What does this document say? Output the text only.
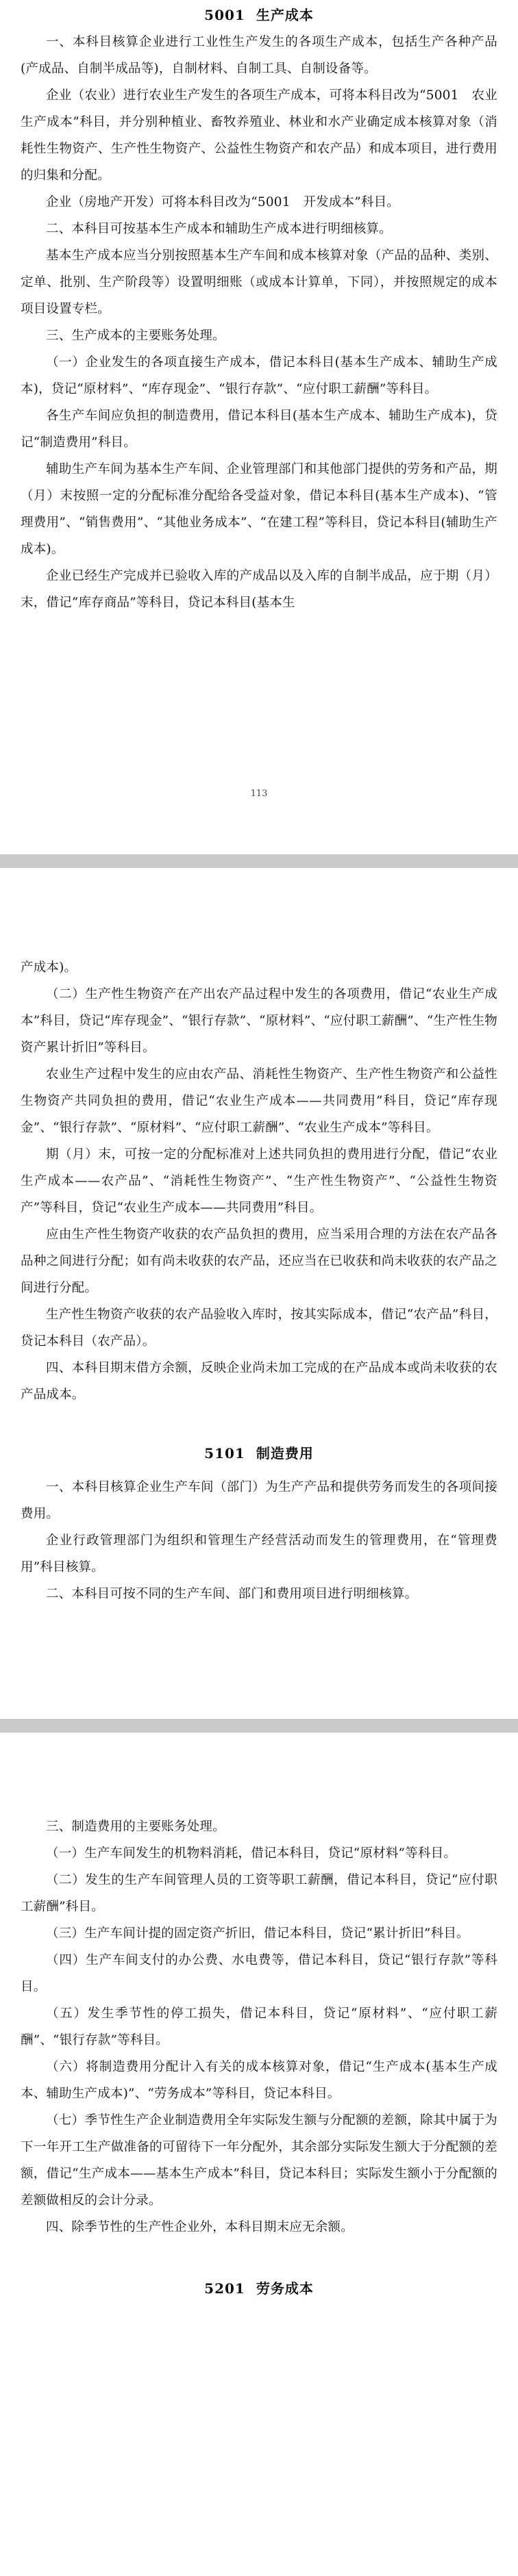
5001 生产成本

一、本科目核算企业进行工业性生产发生的各项生产成本，包括生产各种产品(产成品、自制半成品等)，自制材料、自制工具、自制设备等。

企业（农业）进行农业生产发生的各项生产成本，可将本科目改为“5001　农业生产成本”科目，并分别种植业、畜牧养殖业、林业和水产业确定成本核算对象（消耗性生物资产、生产性生物资产、公益性生物资产和农产品）和成本项目，进行费用的归集和分配。

企业（房地产开发）可将本科目改为“5001　开发成本”科目。

二、本科目可按基本生产成本和辅助生产成本进行明细核算。

基本生产成本应当分别按照基本生产车间和成本核算对象（产品的品种、类别、定单、批别、生产阶段等）设置明细账（或成本计算单，下同），并按照规定的成本项目设置专栏。

三、生产成本的主要账务处理。

（一）企业发生的各项直接生产成本，借记本科目(基本生产成本、辅助生产成本)，贷记“原材料”、“库存现金”、“银行存款”、“应付职工薪酬”等科目。

各生产车间应负担的制造费用，借记本科目(基本生产成本、辅助生产成本)，贷记“制造费用”科目。

辅助生产车间为基本生产车间、企业管理部门和其他部门提供的劳务和产品，期（月）末按照一定的分配标准分配给各受益对象，借记本科目(基本生产成本)、“管理费用”、“销售费用”、“其他业务成本”、“在建工程”等科目，贷记本科目(辅助生产成本)。

企业已经生产完成并已验收入库的产成品以及入库的自制半成品，应于期（月）末，借记“库存商品”等科目，贷记本科目(基本生

113

产成本)。

（二）生产性生物资产在产出农产品过程中发生的各项费用，借记“农业生产成本”科目，贷记“库存现金”、“银行存款”、“原材料”、“应付职工薪酬”、“生产性生物资产累计折旧”等科目。

农业生产过程中发生的应由农产品、消耗性生物资产、生产性生物资产和公益性生物资产共同负担的费用，借记“农业生产成本——共同费用”科目，贷记“库存现金”、“银行存款”、“原材料”、“应付职工薪酬”、“农业生产成本”等科目。

期（月）末，可按一定的分配标准对上述共同负担的费用进行分配，借记“农业生产成本——农产品”、“消耗性生物资产”、“生产性生物资产”、“公益性生物资产”等科目，贷记“农业生产成本——共同费用”科目。

应由生产性生物资产收获的农产品负担的费用，应当采用合理的方法在农产品各品种之间进行分配；如有尚未收获的农产品，还应当在已收获和尚未收获的农产品之间进行分配。

生产性生物资产收获的农产品验收入库时，按其实际成本，借记“农产品”科目，贷记本科目（农产品）。

四、本科目期末借方余额，反映企业尚未加工完成的在产品成本或尚未收获的农产品成本。

5101 制造费用

一、本科目核算企业生产车间（部门）为生产产品和提供劳务而发生的各项间接费用。

企业行政管理部门为组织和管理生产经营活动而发生的管理费用，在“管理费用”科目核算。

二、本科目可按不同的生产车间、部门和费用项目进行明细核算。

三、制造费用的主要账务处理。

（一）生产车间发生的机物料消耗，借记本科目，贷记“原材料”等科目。

（二）发生的生产车间管理人员的工资等职工薪酬，借记本科目，贷记“应付职工薪酬”科目。

（三）生产车间计提的固定资产折旧，借记本科目，贷记“累计折旧”科目。

（四）生产车间支付的办公费、水电费等，借记本科目，贷记“银行存款”等科目。

（五）发生季节性的停工损失，借记本科目，贷记“原材料”、“应付职工薪酬”、“银行存款”等科目。

（六）将制造费用分配计入有关的成本核算对象，借记“生产成本(基本生产成本、辅助生产成本)”、“劳务成本”等科目，贷记本科目。

（七）季节性生产企业制造费用全年实际发生额与分配额的差额，除其中属于为下一年开工生产做准备的可留待下一年分配外，其余部分实际发生额大于分配额的差额，借记“生产成本——基本生产成本”科目，贷记本科目；实际发生额小于分配额的差额做相反的会计分录。

四、除季节性的生产性企业外，本科目期末应无余额。

5201 劳务成本
